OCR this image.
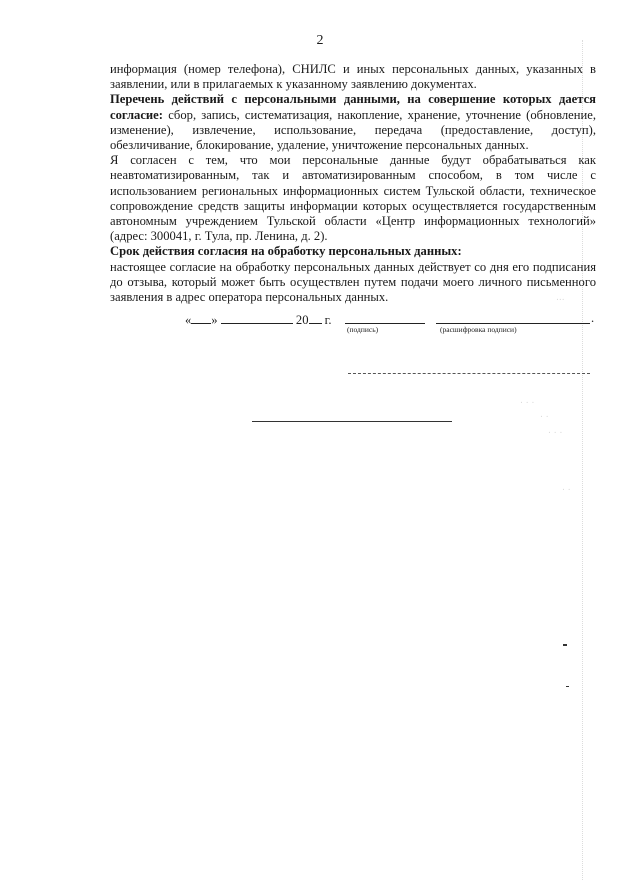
2

информация (номер телефона), СНИЛС и иных персональных данных, указанных в заявлении, или в прилагаемых к указанному заявлению документах.

Перечень действий с персональными данными, на совершение которых дается согласие: сбор, запись, систематизация, накопление, хранение, уточнение (обновление, изменение), извлечение, использование, передача (предоставление, доступ), обезличивание, блокирование, удаление, уничтожение персональных данных.

Я согласен с тем, что мои персональные данные будут обрабатываться как неавтоматизированным, так и автоматизированным способом, в том числе с использованием региональных информационных систем Тульской области, техническое сопровождение средств защиты информации которых осуществляется государственным автономным учреждением Тульской области «Центр информационных технологий» (адрес: 300041, г. Тула, пр. Ленина, д. 2).

Срок действия согласия на обработку персональных данных:

настоящее согласие на обработку персональных данных действует со дня его подписания до отзыва, который может быть осуществлен путем подачи моего личного письменного заявления в адрес оператора персональных данных.

« »	20 г.	.
(подпись)	(расшифровка подписи)
...
. . .
. .
. . .
. .
